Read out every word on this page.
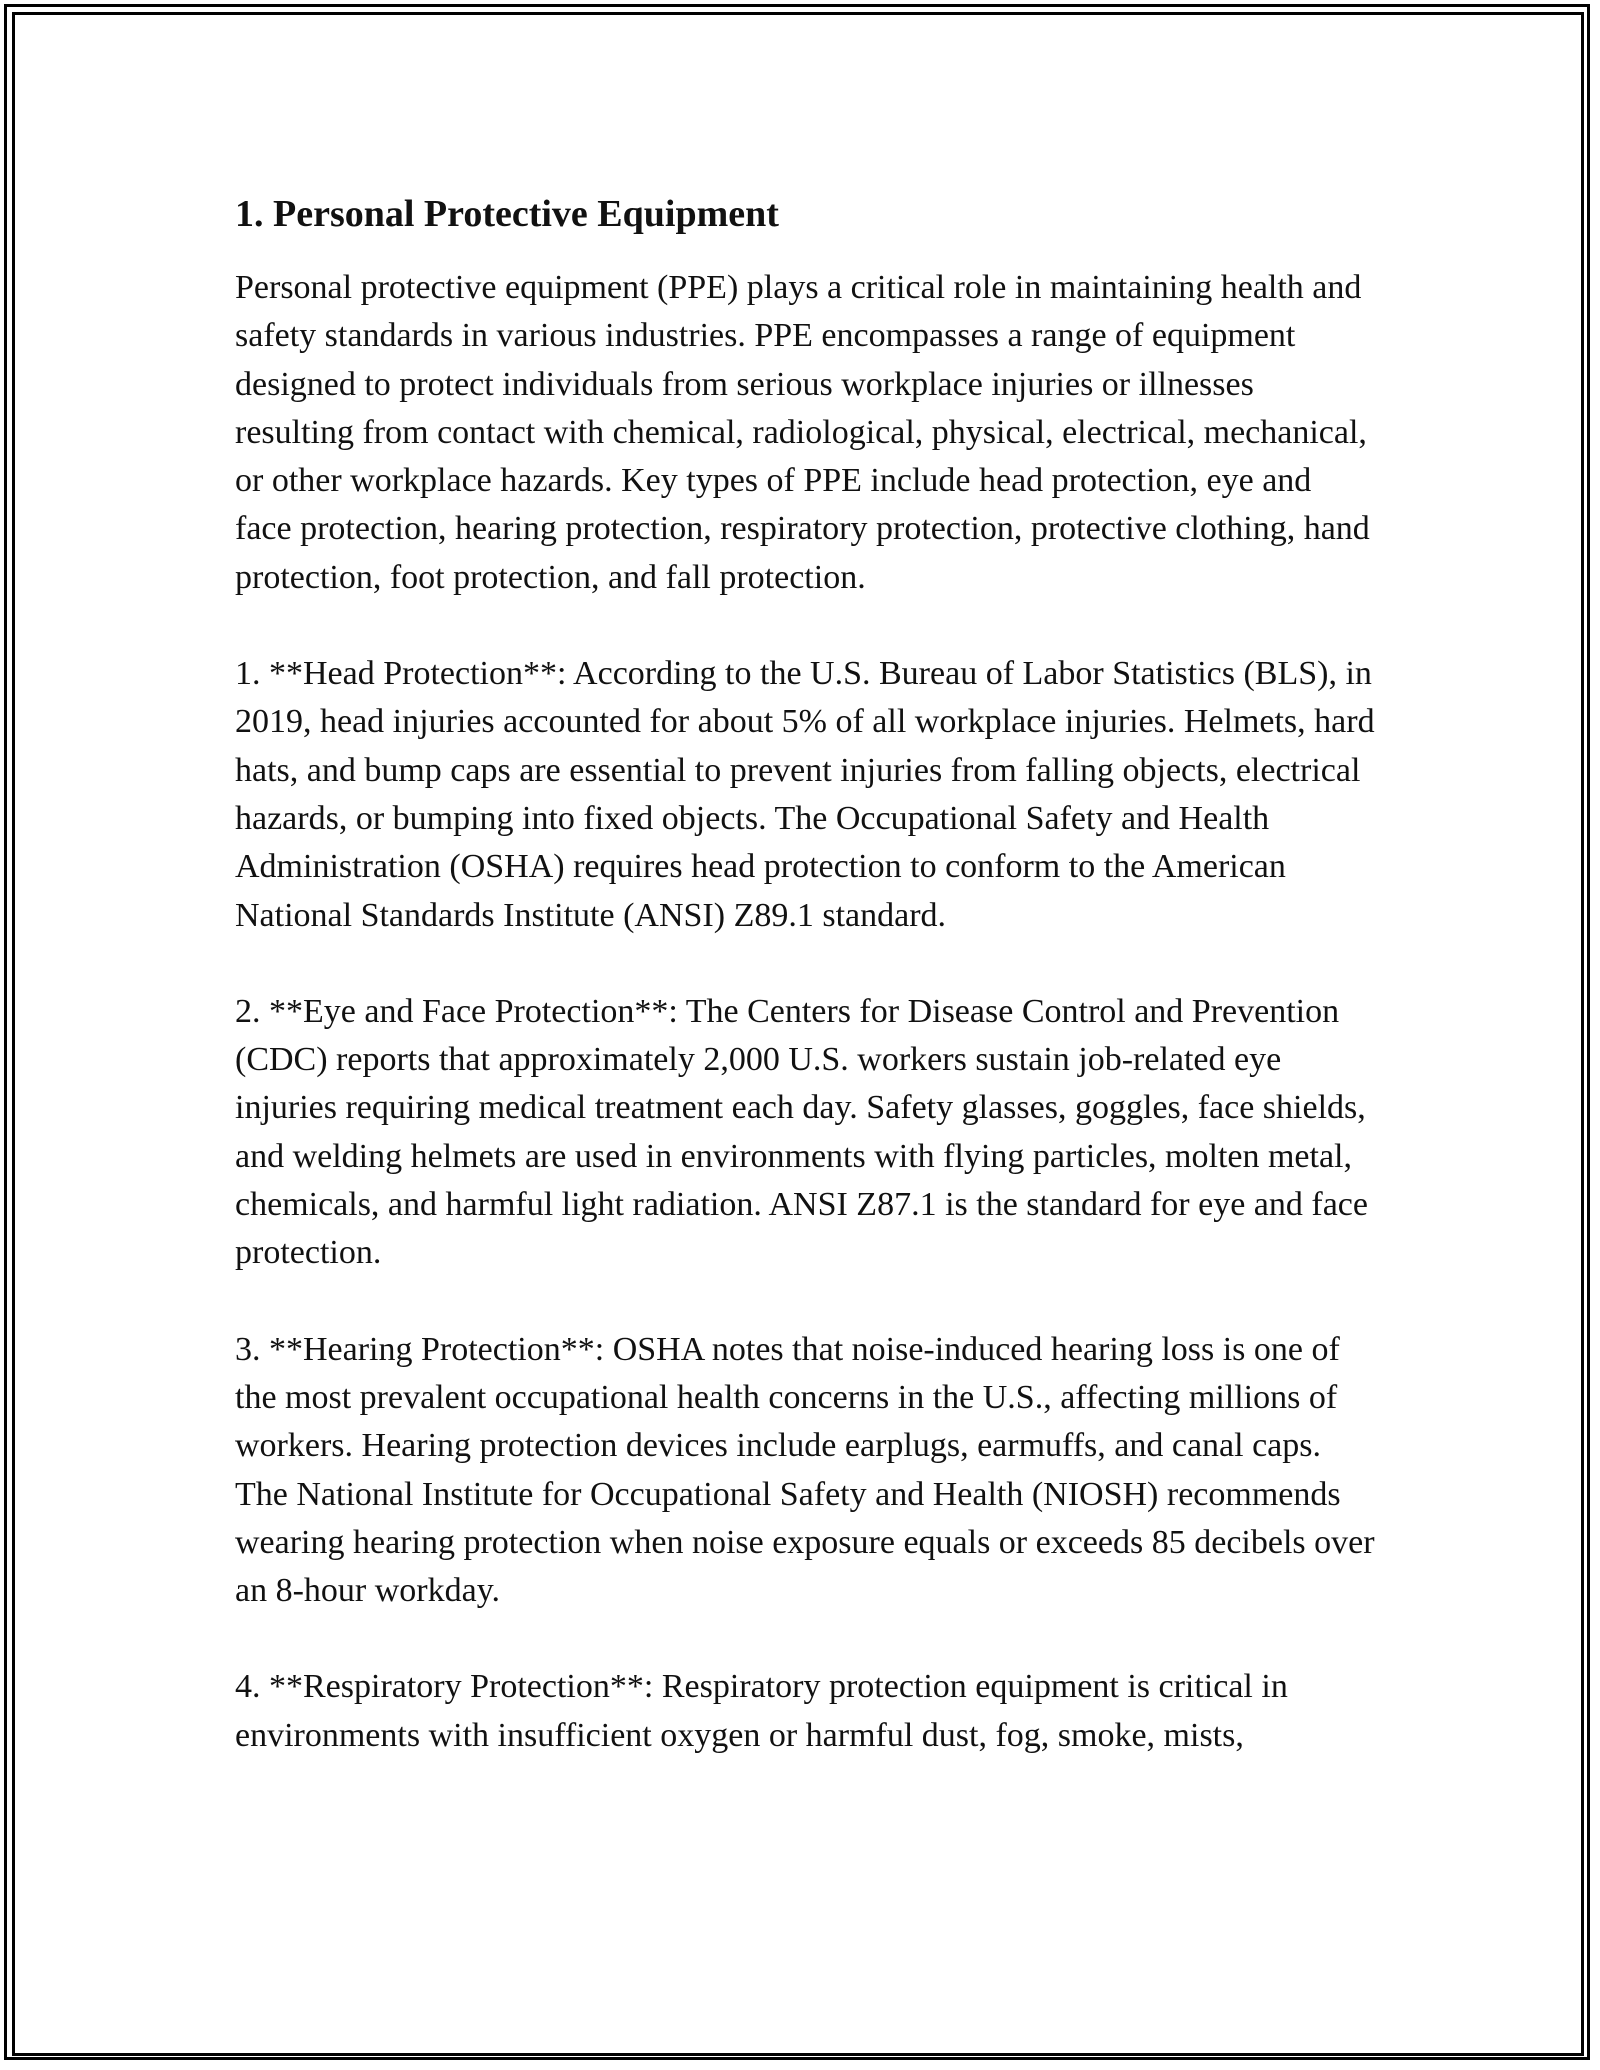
1. Personal Protective Equipment

Personal protective equipment (PPE) plays a critical role in maintaining health and safety standards in various industries. PPE encompasses a range of equipment designed to protect individuals from serious workplace injuries or illnesses resulting from contact with chemical, radiological, physical, electrical, mechanical, or other workplace hazards. Key types of PPE include head protection, eye and face protection, hearing protection, respiratory protection, protective clothing, hand protection, foot protection, and fall protection.

1. **Head Protection**: According to the U.S. Bureau of Labor Statistics (BLS), in 2019, head injuries accounted for about 5% of all workplace injuries. Helmets, hard hats, and bump caps are essential to prevent injuries from falling objects, electrical hazards, or bumping into fixed objects. The Occupational Safety and Health Administration (OSHA) requires head protection to conform to the American National Standards Institute (ANSI) Z89.1 standard.

2. **Eye and Face Protection**: The Centers for Disease Control and Prevention (CDC) reports that approximately 2,000 U.S. workers sustain job-related eye injuries requiring medical treatment each day. Safety glasses, goggles, face shields, and welding helmets are used in environments with flying particles, molten metal, chemicals, and harmful light radiation. ANSI Z87.1 is the standard for eye and face protection.

3. **Hearing Protection**: OSHA notes that noise-induced hearing loss is one of the most prevalent occupational health concerns in the U.S., affecting millions of workers. Hearing protection devices include earplugs, earmuffs, and canal caps. The National Institute for Occupational Safety and Health (NIOSH) recommends wearing hearing protection when noise exposure equals or exceeds 85 decibels over an 8-hour workday.

4. **Respiratory Protection**: Respiratory protection equipment is critical in environments with insufficient oxygen or harmful dust, fog, smoke, mists,
